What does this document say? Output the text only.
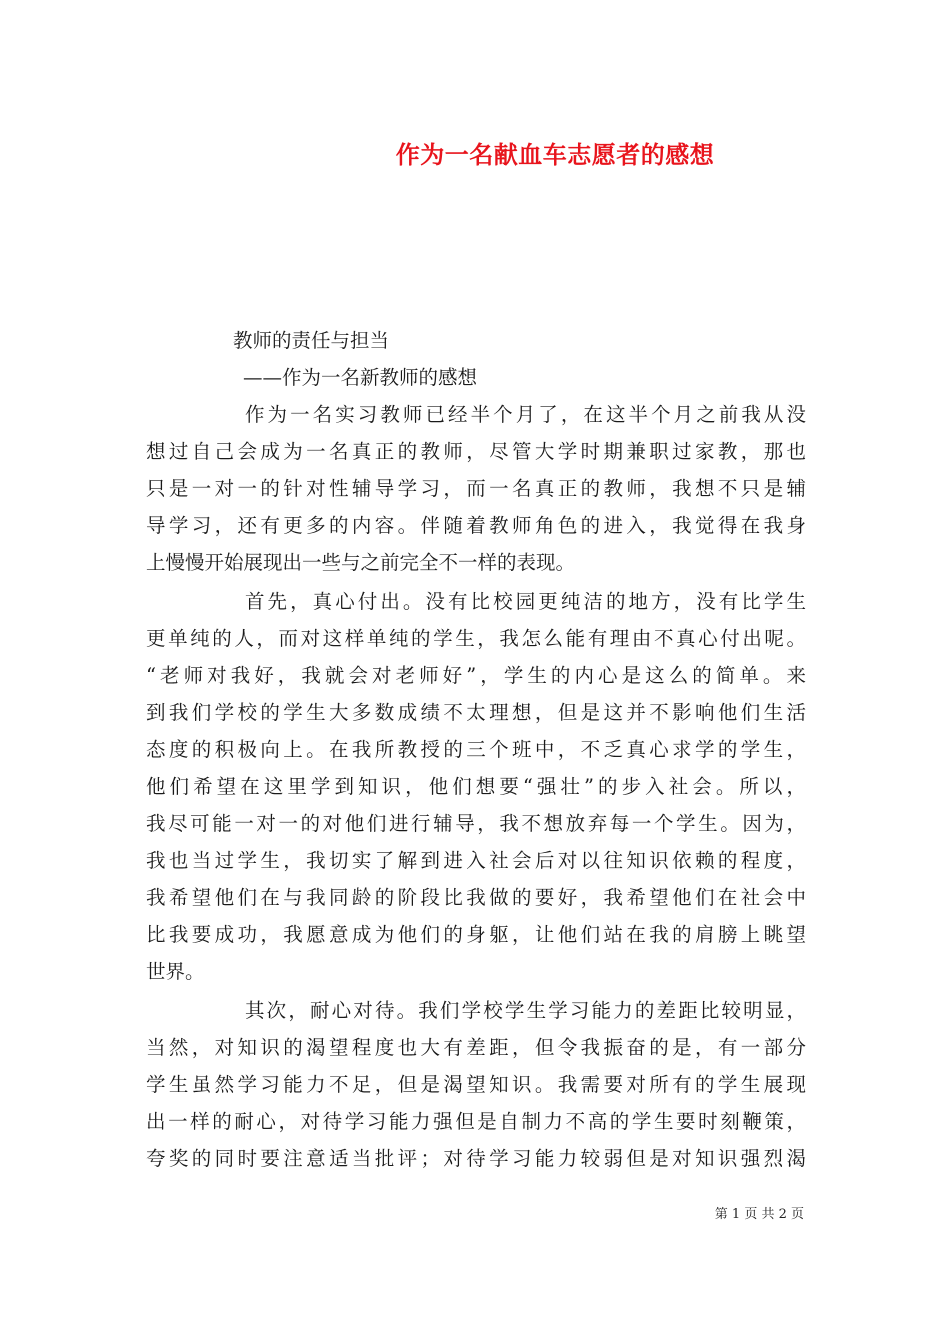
作为一名献血车志愿者的感想
教师的责任与担当
——作为一名新教师的感想
作为一名实习教师已经半个月了，在这半个月之前我从没
想过自己会成为一名真正的教师，尽管大学时期兼职过家教，那也
只是一对一的针对性辅导学习，而一名真正的教师，我想不只是辅
导学习，还有更多的内容。伴随着教师角色的进入，我觉得在我身
上慢慢开始展现出一些与之前完全不一样的表现。
首先，真心付出。没有比校园更纯洁的地方，没有比学生
更单纯的人，而对这样单纯的学生，我怎么能有理由不真心付出呢。
“老师对我好，我就会对老师好”，学生的内心是这么的简单。来
到我们学校的学生大多数成绩不太理想，但是这并不影响他们生活
态度的积极向上。在我所教授的三个班中，不乏真心求学的学生，
他们希望在这里学到知识，他们想要“强壮”的步入社会。所以，
我尽可能一对一的对他们进行辅导，我不想放弃每一个学生。因为，
我也当过学生，我切实了解到进入社会后对以往知识依赖的程度，
我希望他们在与我同龄的阶段比我做的要好，我希望他们在社会中
比我要成功，我愿意成为他们的身躯，让他们站在我的肩膀上眺望
世界。
其次，耐心对待。我们学校学生学习能力的差距比较明显，
当然，对知识的渴望程度也大有差距，但令我振奋的是，有一部分
学生虽然学习能力不足，但是渴望知识。我需要对所有的学生展现
出一样的耐心，对待学习能力强但是自制力不高的学生要时刻鞭策，
夸奖的同时要注意适当批评；对待学习能力较弱但是对知识强烈渴
第 1 页 共 2 页
